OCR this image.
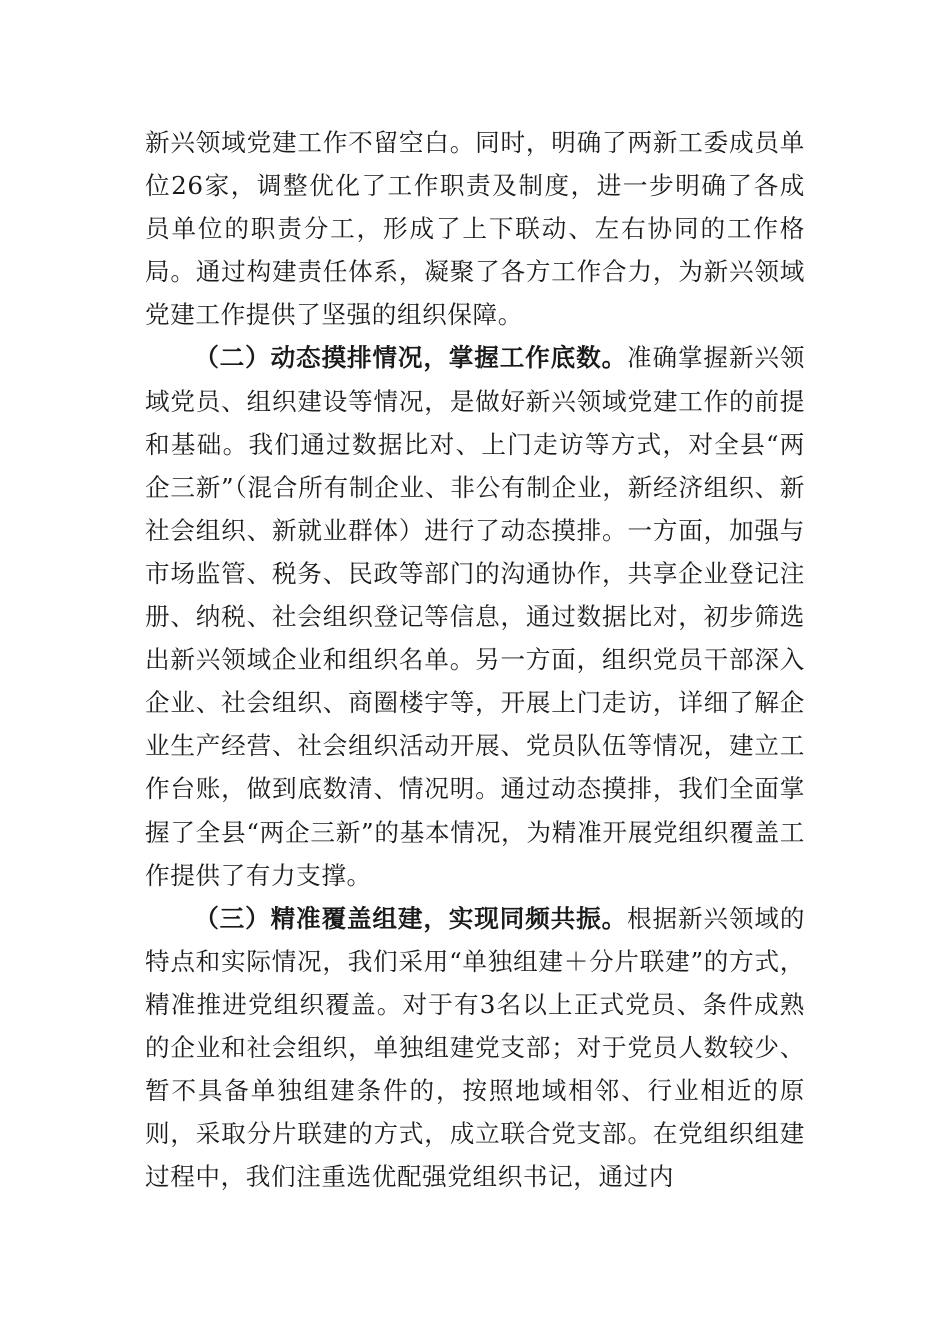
新兴领域党建工作不留空白。同时，明确了两新工委成员单位26家，调整优化了工作职责及制度，进一步明确了各成员单位的职责分工，形成了上下联动、左右协同的工作格局。通过构建责任体系，凝聚了各方工作合力，为新兴领域党建工作提供了坚强的组织保障。

（二）动态摸排情况，掌握工作底数。准确掌握新兴领域党员、组织建设等情况，是做好新兴领域党建工作的前提和基础。我们通过数据比对、上门走访等方式，对全县“两企三新”（混合所有制企业、非公有制企业，新经济组织、新社会组织、新就业群体）进行了动态摸排。一方面，加强与市场监管、税务、民政等部门的沟通协作，共享企业登记注册、纳税、社会组织登记等信息，通过数据比对，初步筛选出新兴领域企业和组织名单。另一方面，组织党员干部深入企业、社会组织、商圈楼宇等，开展上门走访，详细了解企业生产经营、社会组织活动开展、党员队伍等情况，建立工作台账，做到底数清、情况明。通过动态摸排，我们全面掌握了全县“两企三新”的基本情况，为精准开展党组织覆盖工作提供了有力支撑。

（三）精准覆盖组建，实现同频共振。根据新兴领域的特点和实际情况，我们采用“单独组建＋分片联建”的方式，精准推进党组织覆盖。对于有3名以上正式党员、条件成熟的企业和社会组织，单独组建党支部；对于党员人数较少、暂不具备单独组建条件的，按照地域相邻、行业相近的原则，采取分片联建的方式，成立联合党支部。在党组织组建过程中，我们注重选优配强党组织书记，通过内
